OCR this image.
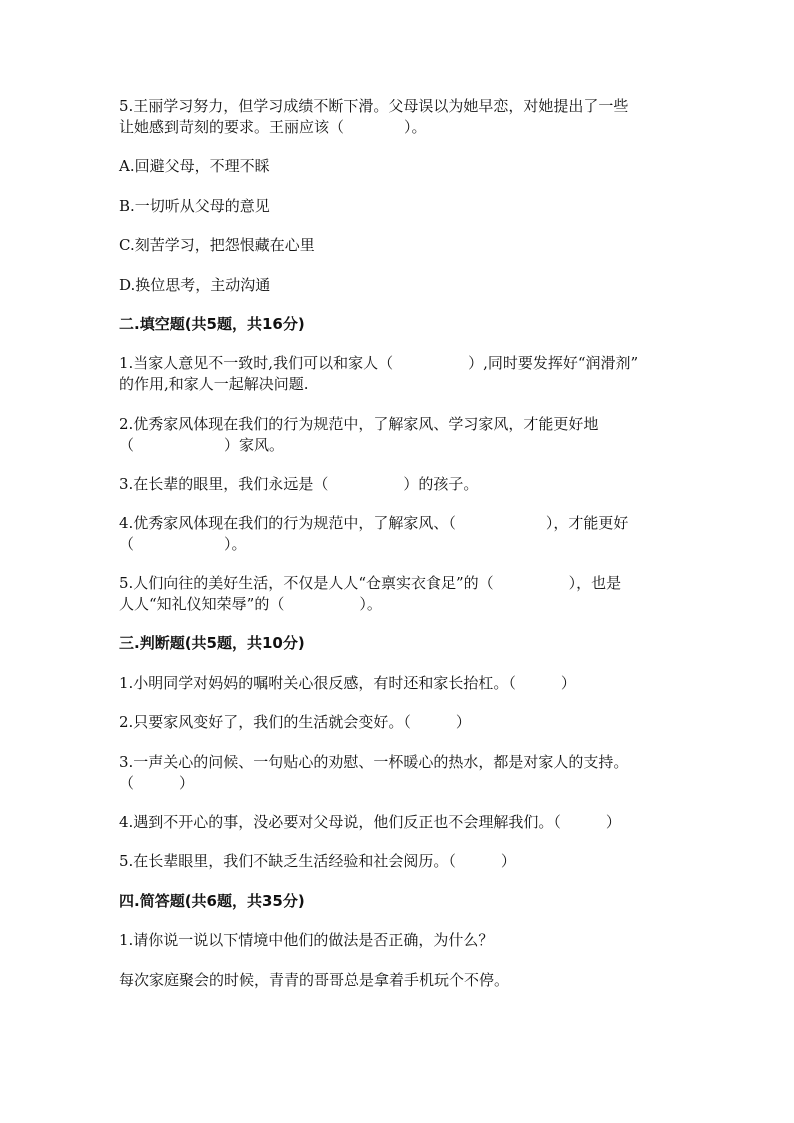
5.王丽学习努力，但学习成绩不断下滑。父母误以为她早恋，对她提出了一些
让她感到苛刻的要求。王丽应该（　　　　）。
A.回避父母，不理不睬
B.一切听从父母的意见
C.刻苦学习，把怨恨藏在心里
D.换位思考，主动沟通
二.填空题(共5题，共16分)
1.当家人意见不一致时,我们可以和家人（　　　　　）,同时要发挥好“润滑剂”
的作用,和家人一起解决问题.
2.优秀家风体现在我们的行为规范中，了解家风、学习家风，才能更好地
（　　　　　　）家风。
3.在长辈的眼里，我们永远是（　　　　　）的孩子。
4.优秀家风体现在我们的行为规范中，了解家风、（　　　　　　），才能更好
（　　　　　　）。
5.人们向往的美好生活，不仅是人人“仓禀实衣食足”的（　　　　　），也是
人人“知礼仪知荣辱”的（　　　　　）。
三.判断题(共5题，共10分)
1.小明同学对妈妈的嘱咐关心很反感，有时还和家长抬杠。（　　　）
2.只要家风变好了，我们的生活就会变好。（　　　）
3.一声关心的问候、一句贴心的劝慰、一杯暖心的热水，都是对家人的支持。
（　　　）
4.遇到不开心的事，没必要对父母说，他们反正也不会理解我们。（　　　）
5.在长辈眼里，我们不缺乏生活经验和社会阅历。（　　　）
四.简答题(共6题，共35分)
1.请你说一说以下情境中他们的做法是否正确，为什么？
每次家庭聚会的时候，青青的哥哥总是拿着手机玩个不停。
